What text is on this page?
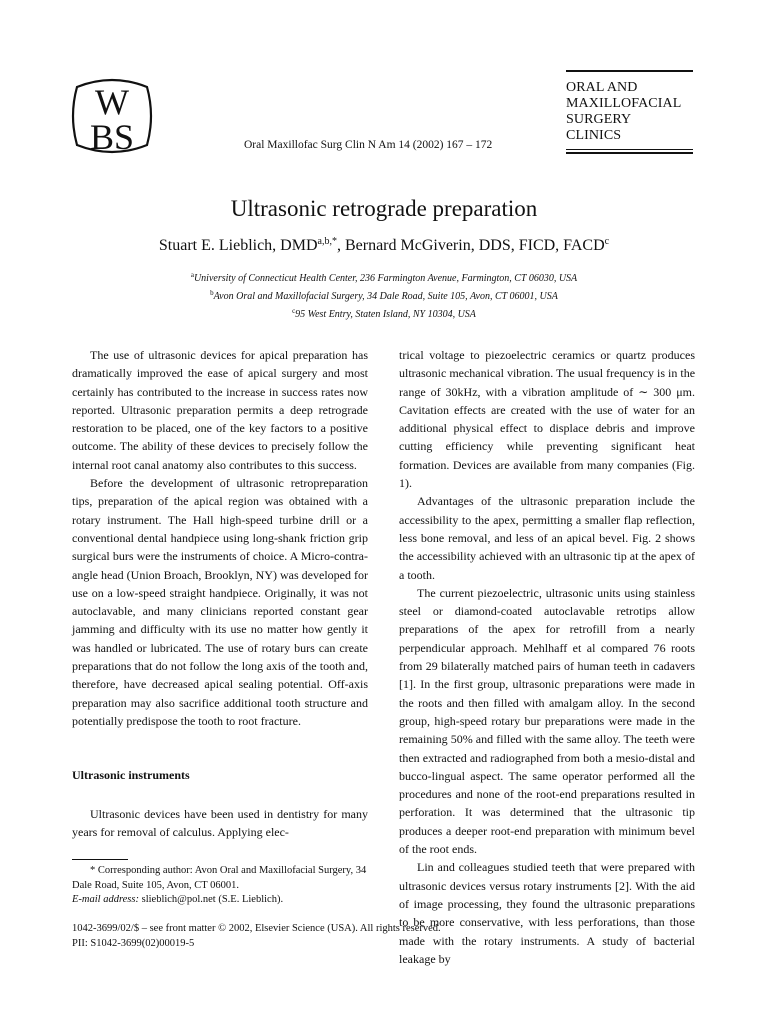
W
BS	Oral Maxillofac Surg Clin N Am 14 (2002) 167 – 172
ORAL AND
MAXILLOFACIAL
SURGERY
CLINICS
Ultrasonic retrograde preparation
Stuart E. Lieblich, $DMD^{a,b,*}$, Bernard McGiverin, DDS, FICD, FACD$^c$
$^a$University of Connecticut Health Center, 236 Farmington Avenue, Farmington, CT 06030, USA
$^b$Avon Oral and Maxillofacial Surgery, 34 Dale Road, Suite 105, Avon, CT 06001, USA
$^c$95 West Entry, Staten Island, NY 10304, USA

The use of ultrasonic devices for apical preparation has dramatically improved the ease of apical surgery and most certainly has contributed to the increase in success rates now reported. Ultrasonic preparation permits a deep retrograde restoration to be placed, one of the key factors to a positive outcome. The ability of these devices to precisely follow the internal root canal anatomy also contributes to this success.

Before the development of ultrasonic retropreparation tips, preparation of the apical region was obtained with a rotary instrument. The Hall high-speed turbine drill or a conventional dental handpiece using long-shank friction grip surgical burs were the instruments of choice. A Micro-contra-angle head (Union Broach, Brooklyn, NY) was developed for use on a low-speed straight handpiece. Originally, it was not autoclavable, and many clinicians reported constant gear jamming and difficulty with its use no matter how gently it was handled or lubricated. The use of rotary burs can create preparations that do not follow the long axis of the tooth and, therefore, have decreased apical sealing potential. Off-axis preparation may also sacrifice additional tooth structure and potentially predispose the tooth to root fracture.

Ultrasonic instruments

Ultrasonic devices have been used in dentistry for many years for removal of calculus. Applying elec-

trical voltage to piezoelectric ceramics or quartz produces ultrasonic mechanical vibration. The usual frequency is in the range of 30kHz, with a vibration amplitude of ∼ 300 μm. Cavitation effects are created with the use of water for an additional physical effect to displace debris and improve cutting efficiency while preventing significant heat formation. Devices are available from many companies (Fig. 1).

Advantages of the ultrasonic preparation include the accessibility to the apex, permitting a smaller flap reflection, less bone removal, and less of an apical bevel. Fig. 2 shows the accessibility achieved with an ultrasonic tip at the apex of a tooth.

The current piezoelectric, ultrasonic units using stainless steel or diamond-coated autoclavable retrotips allow preparations of the apex for retrofill from a nearly perpendicular approach. Mehlhaff et al compared 76 roots from 29 bilaterally matched pairs of human teeth in cadavers [1]. In the first group, ultrasonic preparations were made in the roots and then filled with amalgam alloy. In the second group, high-speed rotary bur preparations were made in the remaining 50% and filled with the same alloy. The teeth were then extracted and radiographed from both a mesio-distal and bucco-lingual aspect. The same operator performed all the procedures and none of the root-end preparations resulted in perforation. It was determined that the ultrasonic tip produces a deeper root-end preparation with minimum bevel of the root ends.

Lin and colleagues studied teeth that were prepared with ultrasonic devices versus rotary instruments [2]. With the aid of image processing, they found the ultrasonic preparations to be more conservative, with less perforations, than those made with the rotary instruments. A study of bacterial leakage by

* Corresponding author: Avon Oral and Maxillofacial Surgery, 34 Dale Road, Suite 105, Avon, CT 06001.
E-mail address: slieblich@pol.net (S.E. Lieblich).
1042-3699/02/$ – see front matter © 2002, Elsevier Science (USA). All rights reserved.
PII: S1042-3699(02)00019-5
